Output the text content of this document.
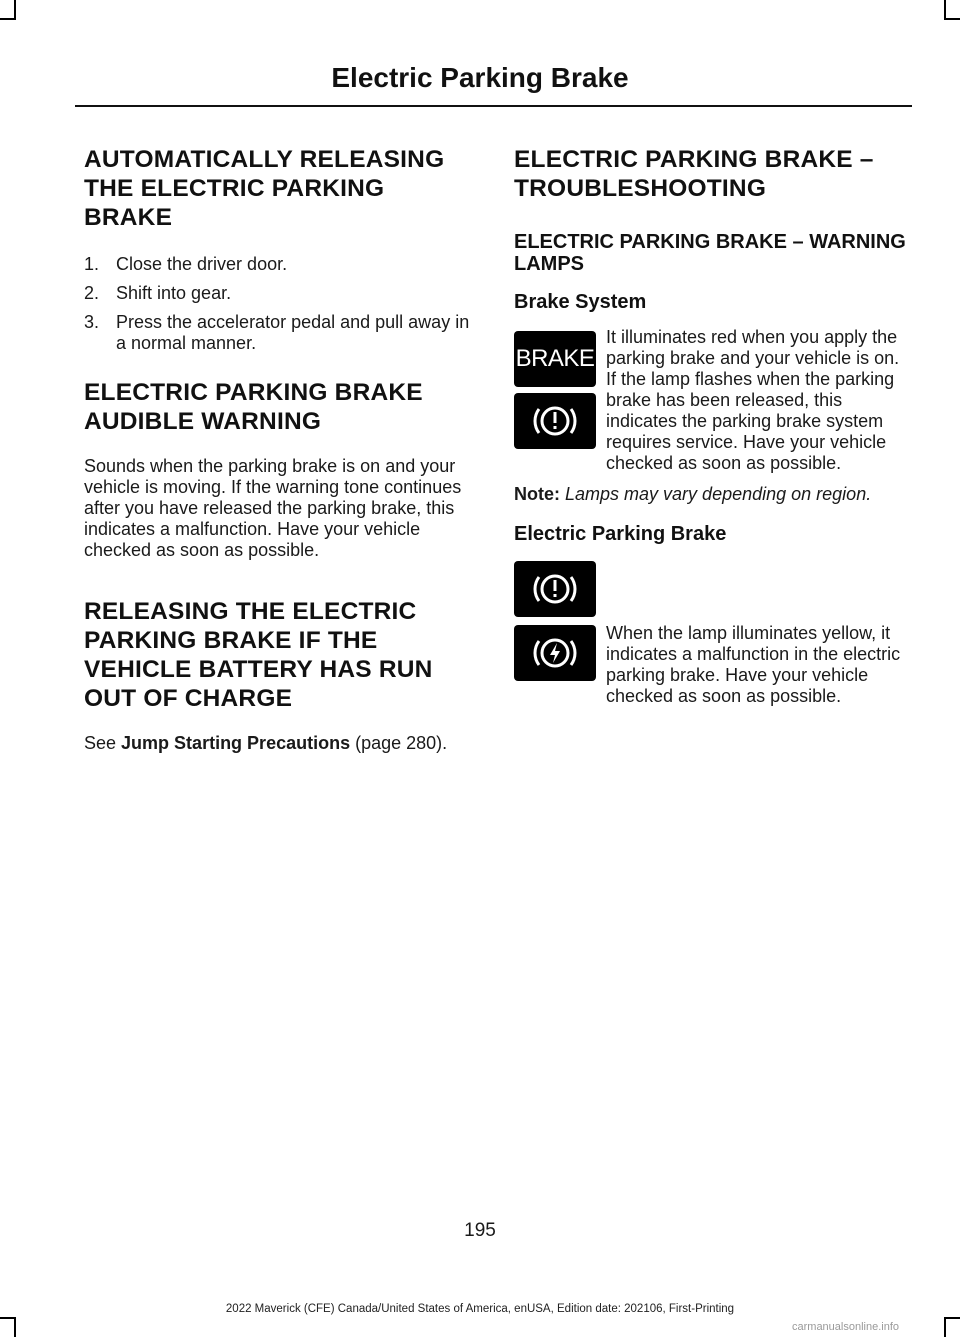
Electric Parking Brake
AUTOMATICALLY RELEASING
THE ELECTRIC PARKING
BRAKE
1. Close the driver door.
2. Shift into gear.
3. Press the accelerator pedal and pull away in a normal manner.
ELECTRIC PARKING BRAKE
AUDIBLE WARNING

Sounds when the parking brake is on and your vehicle is moving. If the warning tone continues after you have released the parking brake, this indicates a malfunction. Have your vehicle checked as soon as possible.

RELEASING THE ELECTRIC
PARKING BRAKE IF THE
VEHICLE BATTERY HAS RUN
OUT OF CHARGE

See Jump Starting Precautions (page 280).

ELECTRIC PARKING BRAKE –
TROUBLESHOOTING
ELECTRIC PARKING BRAKE – WARNING LAMPS
Brake System
BRAKE

It illuminates red when you apply the parking brake and your vehicle is on. If the lamp flashes when the parking brake has been released, this indicates the parking brake system requires service. Have your vehicle checked as soon as possible.

Note: Lamps may vary depending on region.

Electric Parking Brake

When the lamp illuminates yellow, it indicates a malfunction in the electric parking brake. Have your vehicle checked as soon as possible.

195
2022 Maverick (CFE) Canada/United States of America, enUSA, Edition date: 202106, First-Printing
carmanualsonline.info
